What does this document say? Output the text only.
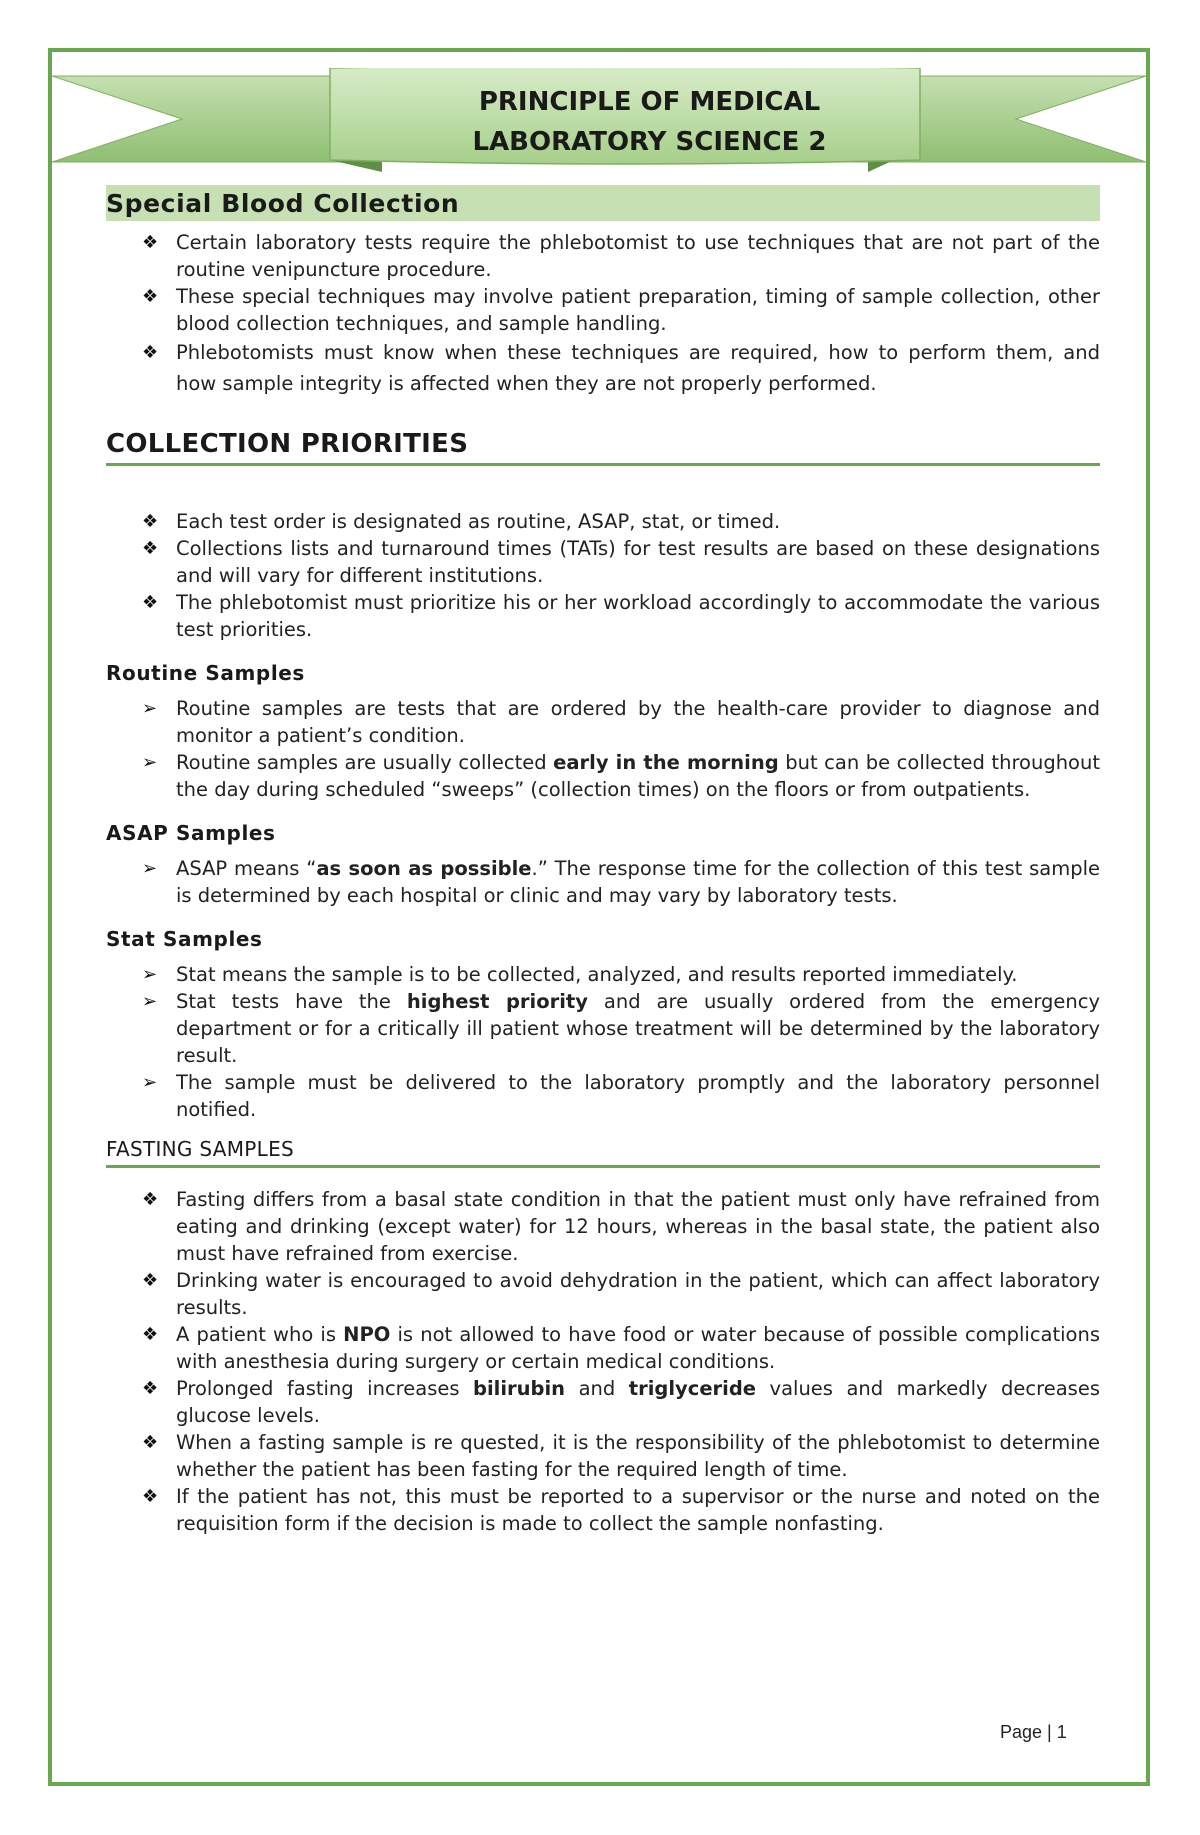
PRINCIPLE OF MEDICAL
LABORATORY SCIENCE 2
Special Blood Collection
❖ Certain laboratory tests require the phlebotomist to use techniques that are not part of the routine venipuncture procedure.
❖ These special techniques may involve patient preparation, timing of sample collection, other blood collection techniques, and sample handling.
❖ Phlebotomists must know when these techniques are required, how to perform them, and how sample integrity is affected when they are not properly performed.
COLLECTION PRIORITIES
❖ Each test order is designated as routine, ASAP, stat, or timed.
❖ Collections lists and turnaround times (TATs) for test results are based on these designations and will vary for different institutions.
❖ The phlebotomist must prioritize his or her workload accordingly to accommodate the various test priorities.
Routine Samples
➢ Routine samples are tests that are ordered by the health-care provider to diagnose and monitor a patient’s condition.
➢ Routine samples are usually collected early in the morning but can be collected throughout the day during scheduled “sweeps” (collection times) on the floors or from outpatients.
ASAP Samples
➢ ASAP means “as soon as possible.” The response time for the collection of this test sample is determined by each hospital or clinic and may vary by laboratory tests.
Stat Samples
➢ Stat means the sample is to be collected, analyzed, and results reported immediately.
➢ Stat tests have the highest priority and are usually ordered from the emergency department or for a critically ill patient whose treatment will be determined by the laboratory result.
➢ The sample must be delivered to the laboratory promptly and the laboratory personnel notified.
FASTING SAMPLES
❖ Fasting differs from a basal state condition in that the patient must only have refrained from eating and drinking (except water) for 12 hours, whereas in the basal state, the patient also must have refrained from exercise.
❖ Drinking water is encouraged to avoid dehydration in the patient, which can affect laboratory results.
❖ A patient who is NPO is not allowed to have food or water because of possible complications with anesthesia during surgery or certain medical conditions.
❖ Prolonged fasting increases bilirubin and triglyceride values and markedly decreases glucose levels.
❖ When a fasting sample is re quested, it is the responsibility of the phlebotomist to determine whether the patient has been fasting for the required length of time.
❖ If the patient has not, this must be reported to a supervisor or the nurse and noted on the requisition form if the decision is made to collect the sample nonfasting.
Page | 1
